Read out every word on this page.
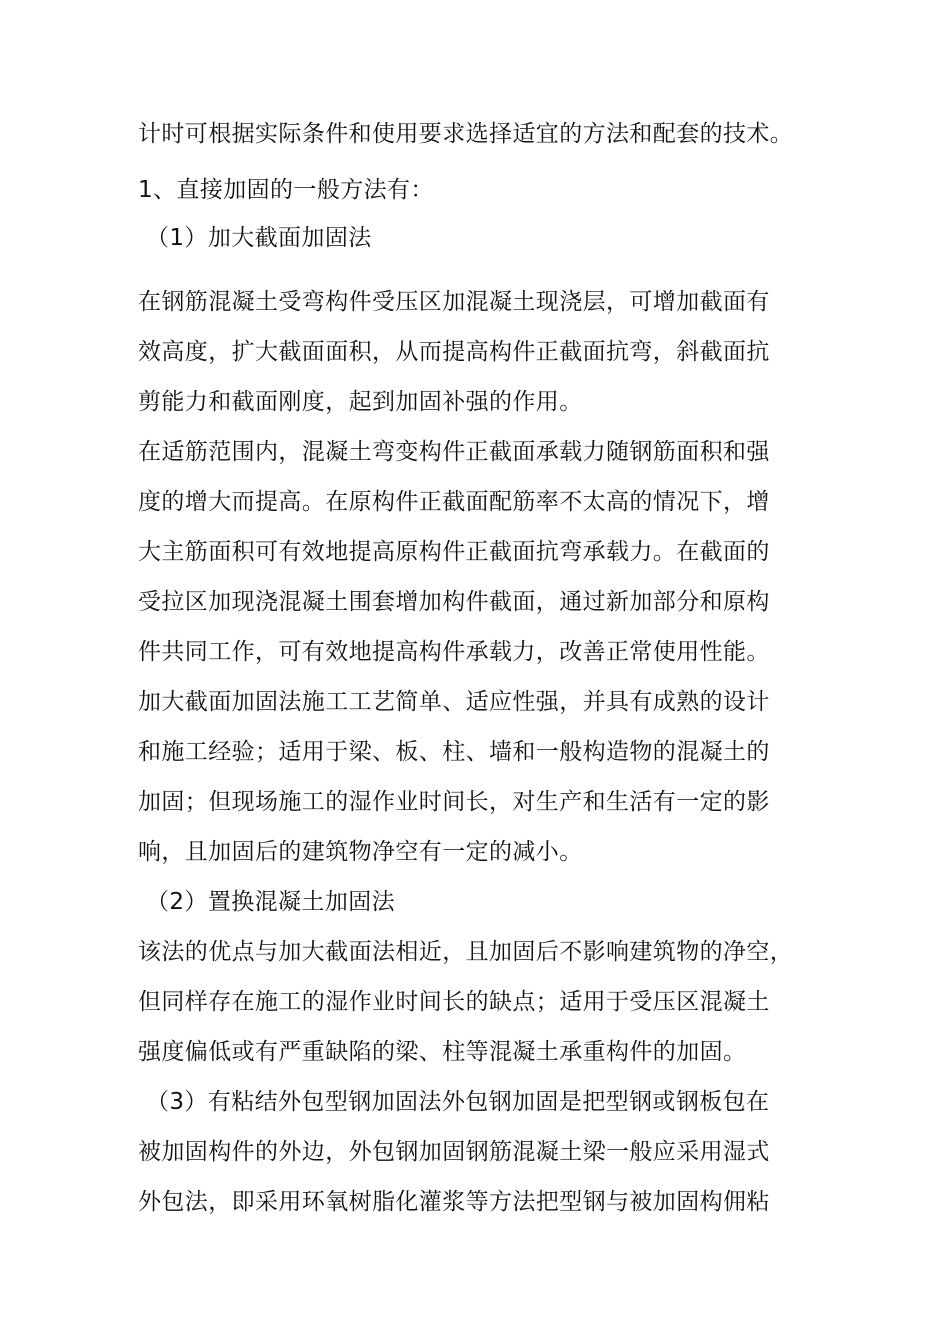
计时可根据实际条件和使用要求选择适宜的方法和配套的技术。
1、直接加固的一般方法有：
（1）加大截面加固法
在钢筋混凝土受弯构件受压区加混凝土现浇层，可增加截面有
效高度，扩大截面面积，从而提高构件正截面抗弯，斜截面抗
剪能力和截面刚度，起到加固补强的作用。
在适筋范围内，混凝土弯变构件正截面承载力随钢筋面积和强
度的增大而提高。在原构件正截面配筋率不太高的情况下，增
大主筋面积可有效地提高原构件正截面抗弯承载力。在截面的
受拉区加现浇混凝土围套增加构件截面，通过新加部分和原构
件共同工作，可有效地提高构件承载力，改善正常使用性能。
加大截面加固法施工工艺简单、适应性强，并具有成熟的设计
和施工经验；适用于梁、板、柱、墙和一般构造物的混凝土的
加固；但现场施工的湿作业时间长，对生产和生活有一定的影
响，且加固后的建筑物净空有一定的减小。
（2）置换混凝土加固法
该法的优点与加大截面法相近，且加固后不影响建筑物的净空，
但同样存在施工的湿作业时间长的缺点；适用于受压区混凝土
强度偏低或有严重缺陷的梁、柱等混凝土承重构件的加固。
（3）有粘结外包型钢加固法外包钢加固是把型钢或钢板包在
被加固构件的外边，外包钢加固钢筋混凝土梁一般应采用湿式
外包法，即采用环氧树脂化灌浆等方法把型钢与被加固构佣粘
